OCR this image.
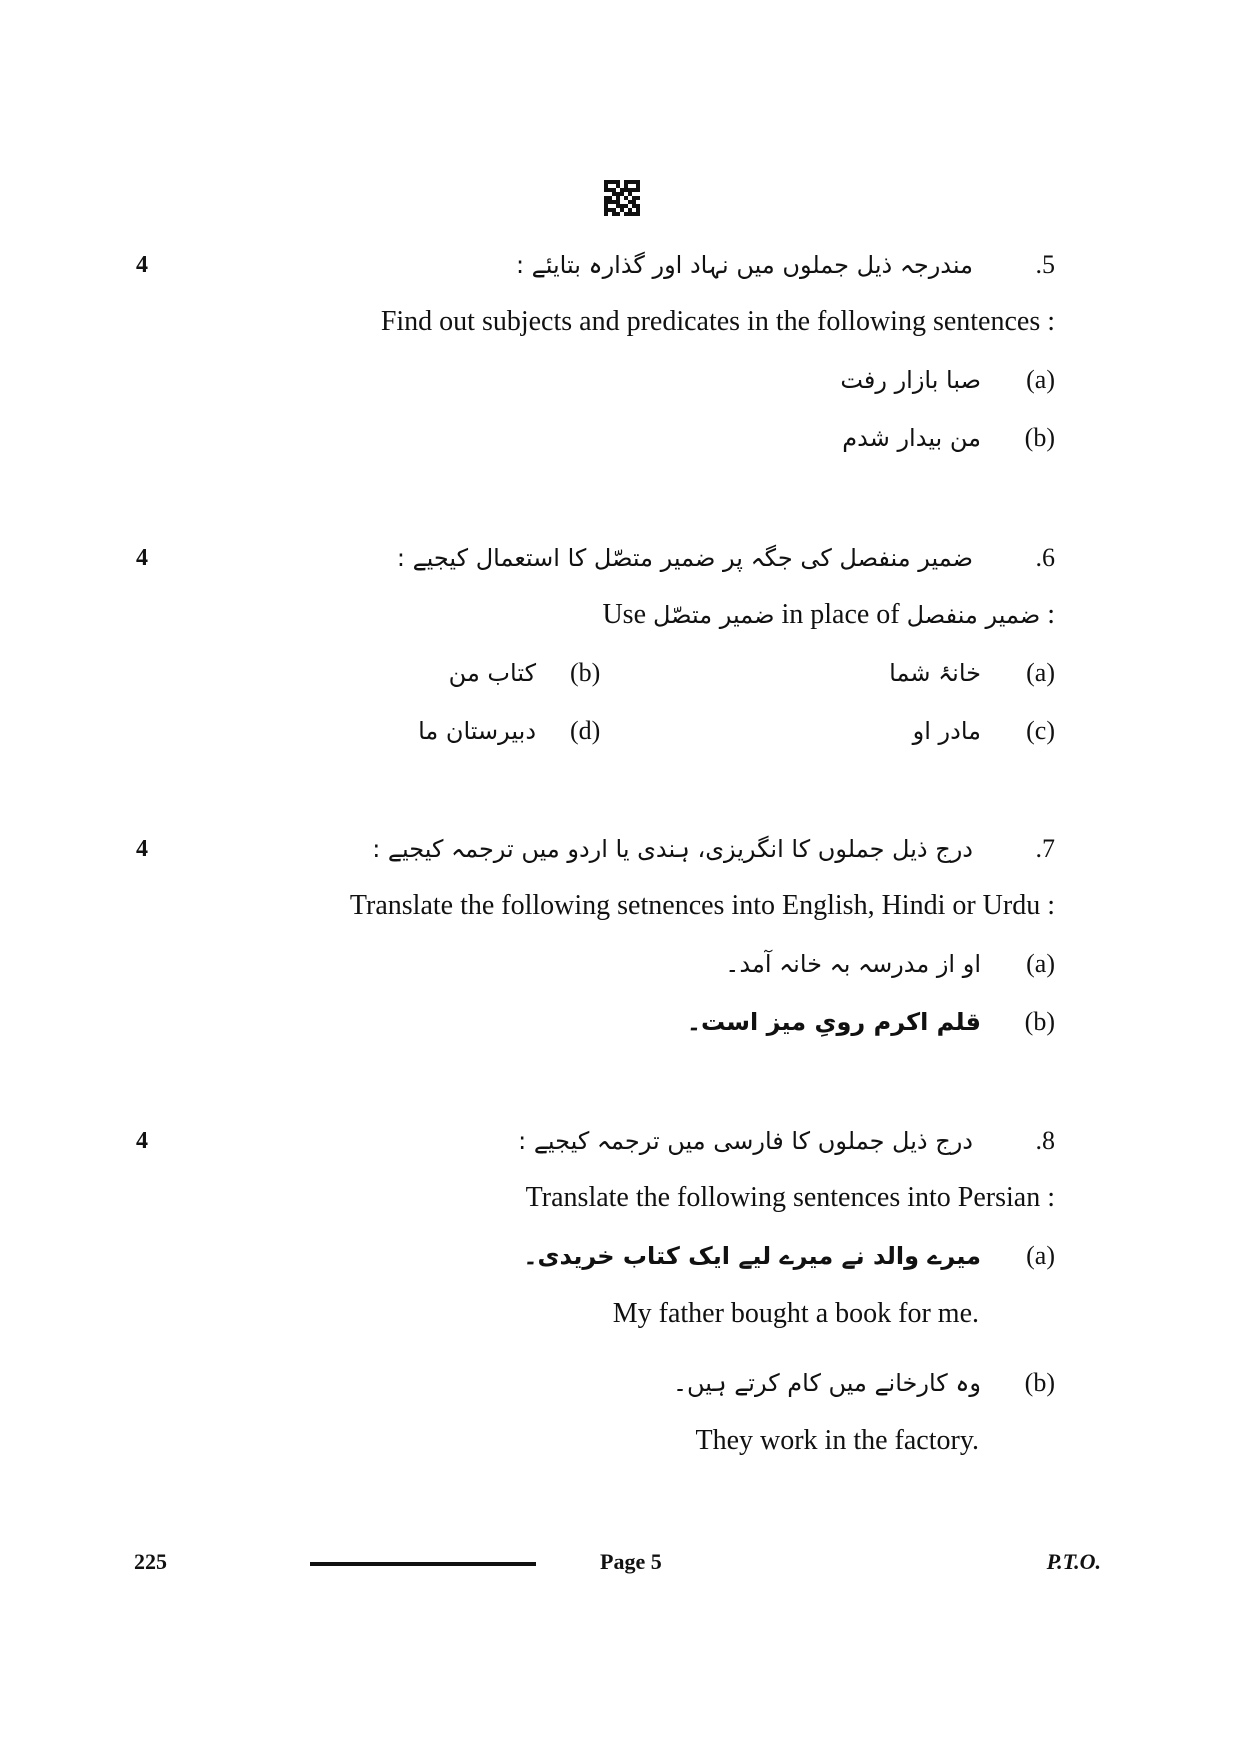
4	.5
مندرجہ ذیل جملوں میں نہاد اور گذارہ بتایئے :
Find out subjects and predicates in the following sentences :
(a)
صبا بازار رفت
(b)
من بیدار شدم
4	.6
ضمیر منفصل کی جگہ پر ضمیر متصّل کا استعمال کیجیے :
Use ضمیر متصّل in place of ضمیر منفصل :
(a)
خانۂ شما
(b)
کتاب من
(c)
مادر او
(d)
دبیرستان ما
4	.7
درج ذیل جملوں کا انگریزی، ہندی یا اردو میں ترجمہ کیجیے :
Translate the following setnences into English, Hindi or Urdu :
(a)
او از مدرسہ بہ خانہ آمد۔
(b)
قلم اکرم رویِ میز است۔
4	.8
درج ذیل جملوں کا فارسی میں ترجمہ کیجیے :
Translate the following sentences into Persian :
(a)
میرے والد نے میرے لیے ایک کتاب خریدی۔
My father bought a book for me.
(b)
وہ کارخانے میں کام کرتے ہیں۔
They work in the factory.
225	Page 5	P.T.O.
